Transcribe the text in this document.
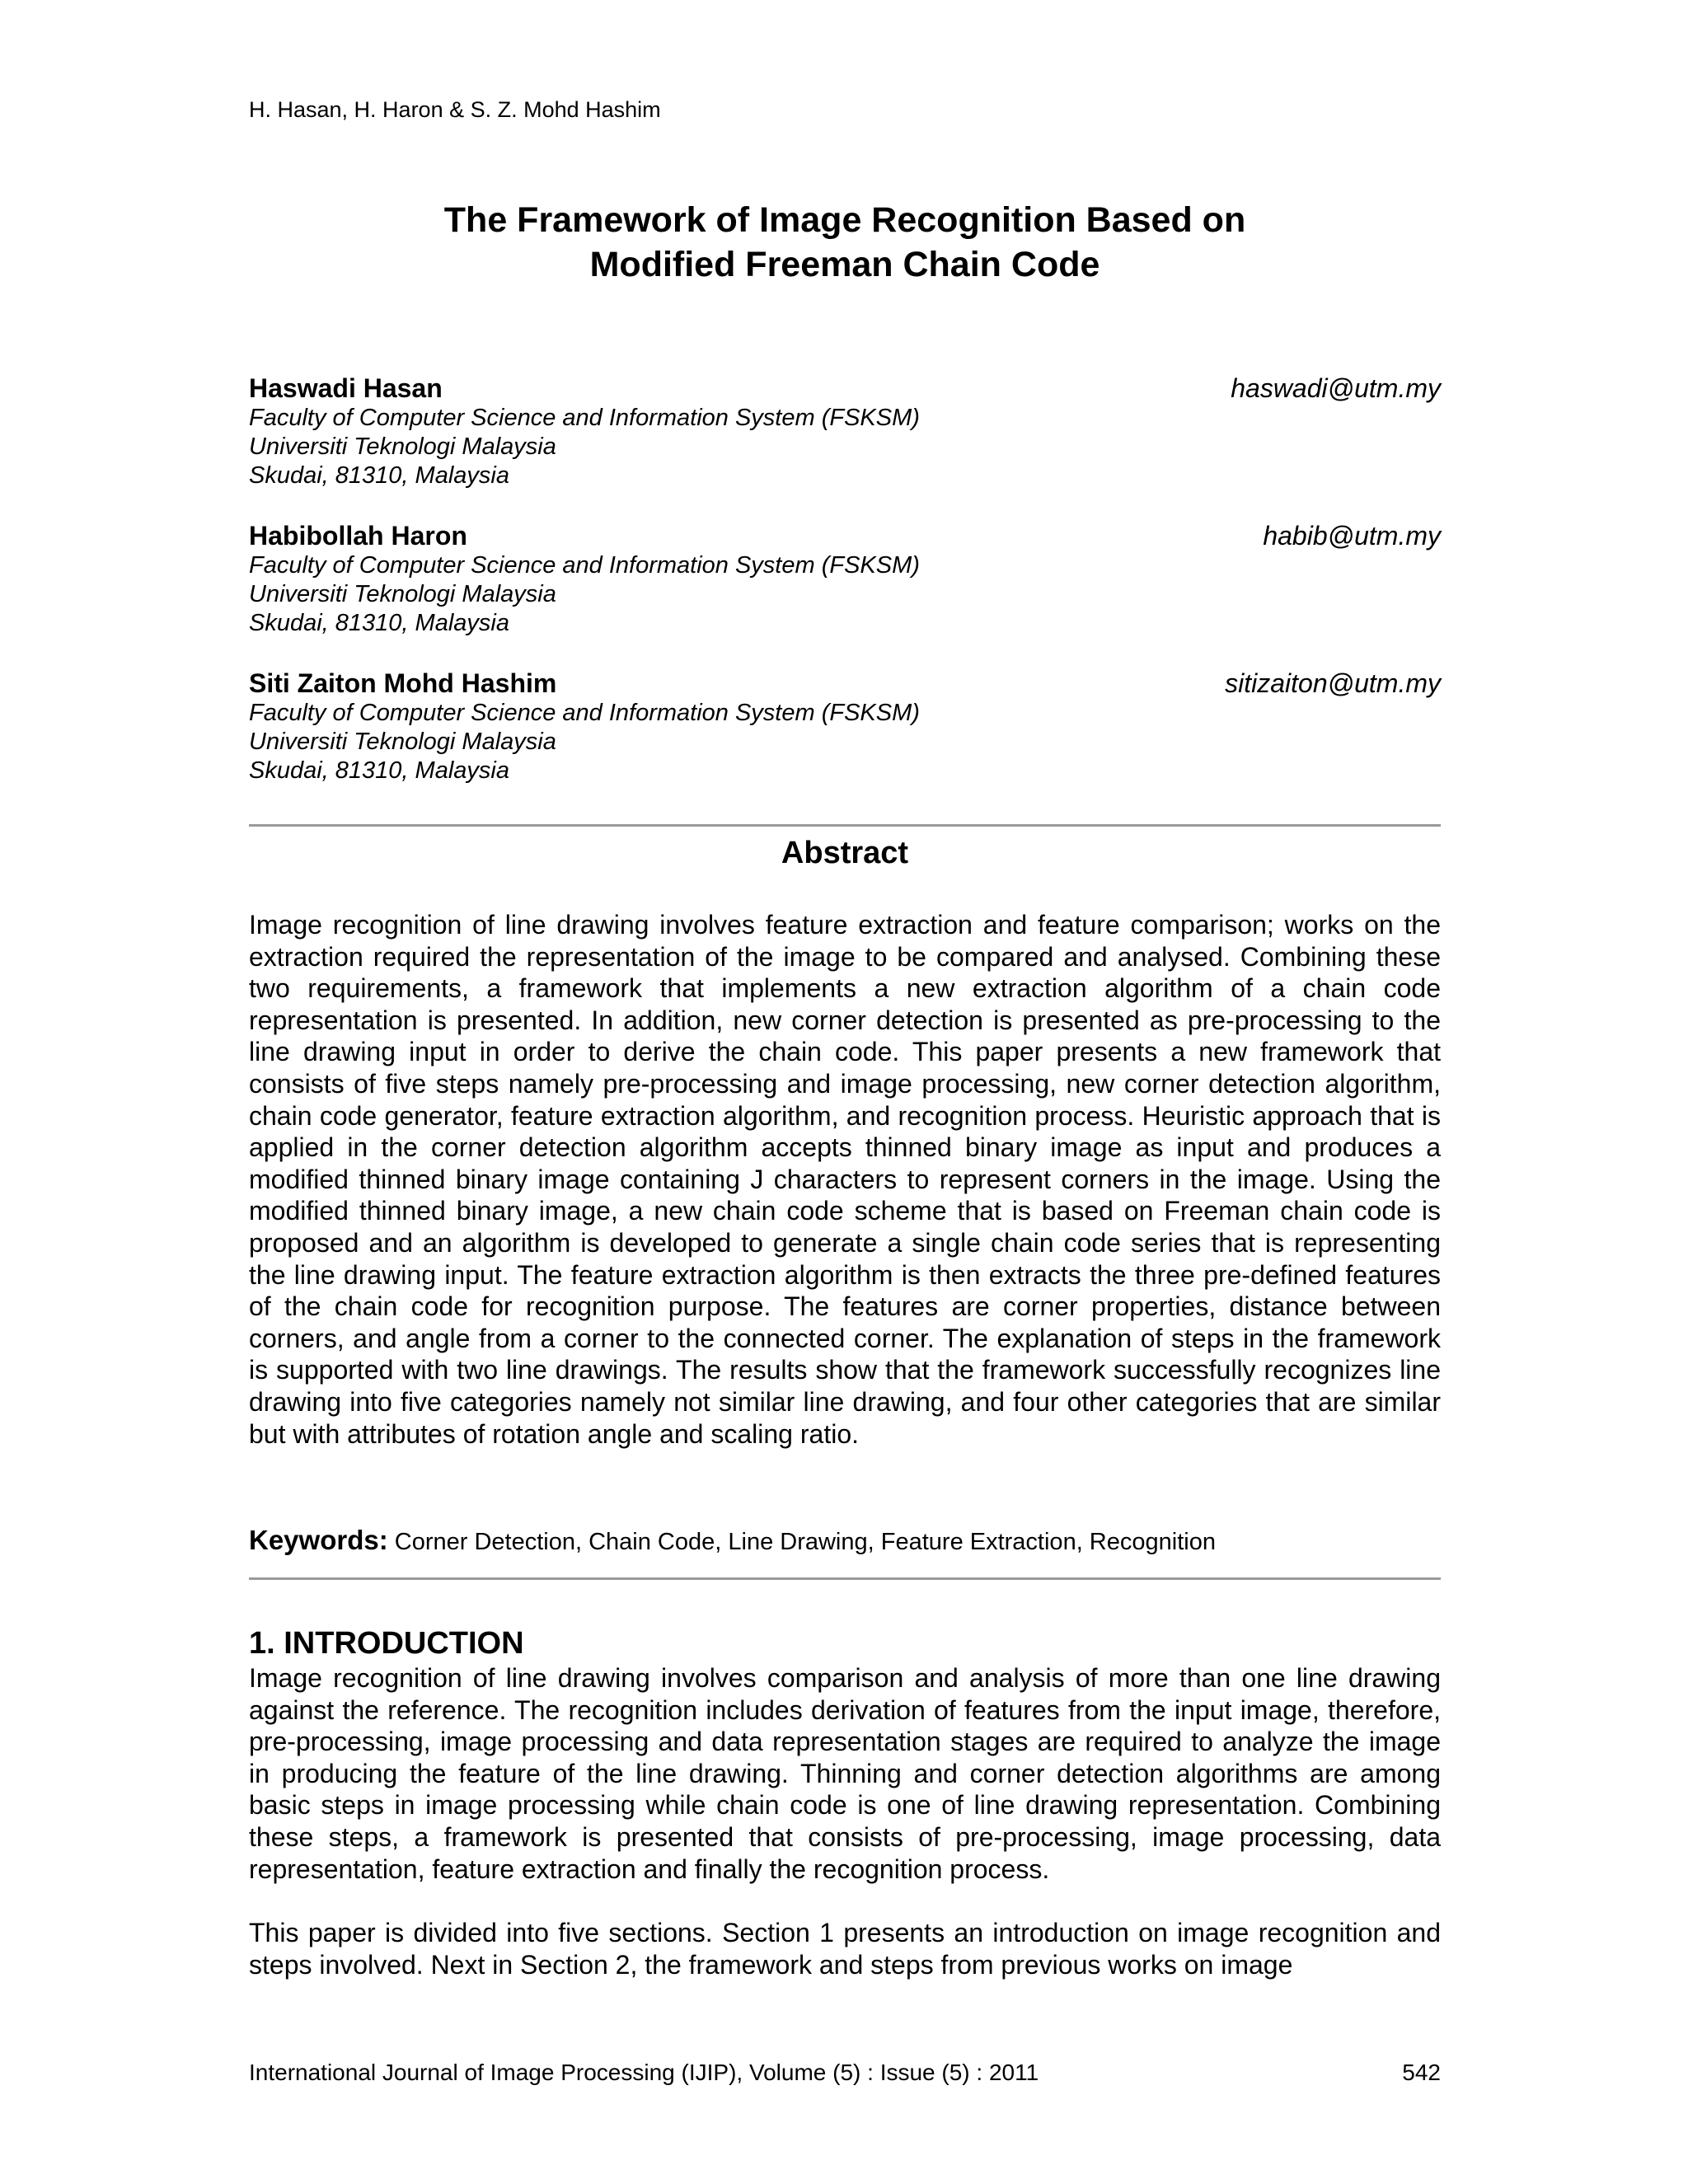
H. Hasan, H. Haron & S. Z. Mohd Hashim
The Framework of Image Recognition Based on
Modified Freeman Chain Code
Haswadi Hasan	haswadi@utm.my
Faculty of Computer Science and Information System (FSKSM)
Universiti Teknologi Malaysia
Skudai, 81310, Malaysia
Habibollah Haron	habib@utm.my
Faculty of Computer Science and Information System (FSKSM)
Universiti Teknologi Malaysia
Skudai, 81310, Malaysia
Siti Zaiton Mohd Hashim	sitizaiton@utm.my
Faculty of Computer Science and Information System (FSKSM)
Universiti Teknologi Malaysia
Skudai, 81310, Malaysia
Abstract

Image recognition of line drawing involves feature extraction and feature comparison; works on the extraction required the representation of the image to be compared and analysed. Combining these two requirements, a framework that implements a new extraction algorithm of a chain code representation is presented. In addition, new corner detection is presented as pre-processing to the line drawing input in order to derive the chain code. This paper presents a new framework that consists of five steps namely pre-processing and image processing, new corner detection algorithm, chain code generator, feature extraction algorithm, and recognition process. Heuristic approach that is applied in the corner detection algorithm accepts thinned binary image as input and produces a modified thinned binary image containing J characters to represent corners in the image. Using the modified thinned binary image, a new chain code scheme that is based on Freeman chain code is proposed and an algorithm is developed to generate a single chain code series that is representing the line drawing input. The feature extraction algorithm is then extracts the three pre-defined features of the chain code for recognition purpose. The features are corner properties, distance between corners, and angle from a corner to the connected corner. The explanation of steps in the framework is supported with two line drawings. The results show that the framework successfully recognizes line drawing into five categories namely not similar line drawing, and four other categories that are similar but with attributes of rotation angle and scaling ratio.

Keywords: Corner Detection, Chain Code, Line Drawing, Feature Extraction, Recognition

1. INTRODUCTION

Image recognition of line drawing involves comparison and analysis of more than one line drawing against the reference. The recognition includes derivation of features from the input image, therefore, pre-processing, image processing and data representation stages are required to analyze the image in producing the feature of the line drawing. Thinning and corner detection algorithms are among basic steps in image processing while chain code is one of line drawing representation. Combining these steps, a framework is presented that consists of pre-processing, image processing, data representation, feature extraction and finally the recognition process.

This paper is divided into five sections. Section 1 presents an introduction on image recognition and steps involved. Next in Section 2, the framework and steps from previous works on image

International Journal of Image Processing (IJIP), Volume (5) : Issue (5) : 2011	542
